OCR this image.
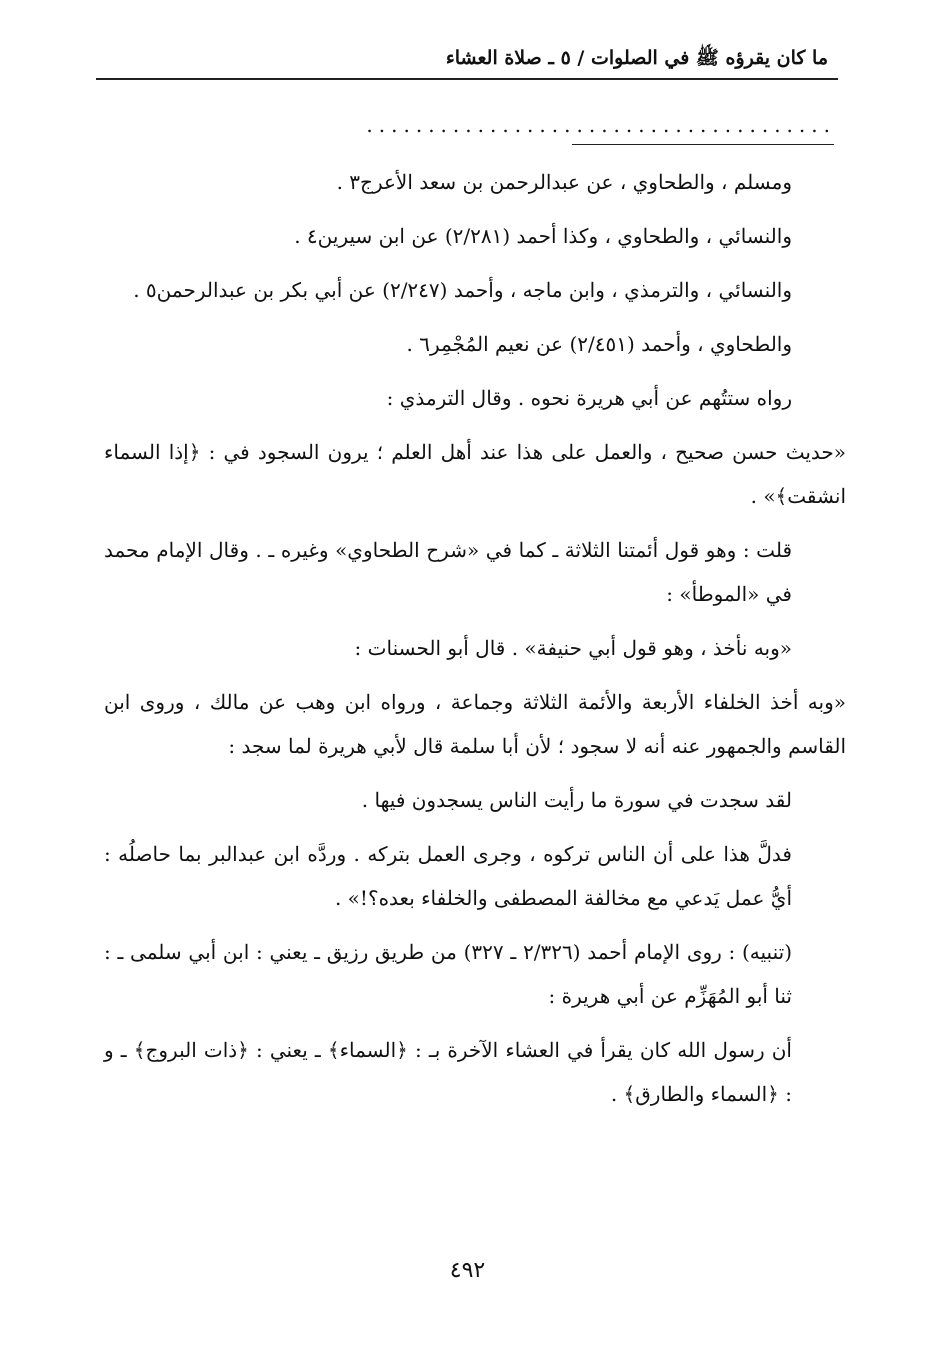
ما كان يقرؤه ﷺ في الصلوات / ٥ ـ صلاة العشاء
......................................

ومسلم ، والطحاوي ، عن عبدالرحمن بن سعد الأعرج٣ .

والنسائي ، والطحاوي ، وكذا أحمد (٢/٢٨١) عن ابن سيرين٤ .

والنسائي ، والترمذي ، وابن ماجه ، وأحمد (٢/٢٤٧) عن أبي بكر بن عبدالرحمن٥ .

والطحاوي ، وأحمد (٢/٤٥١) عن نعيم المُجْمِر٦ .

رواه ستتُهم عن أبي هريرة نحوه . وقال الترمذي :

«حديث حسن صحيح ، والعمل على هذا عند أهل العلم ؛ يرون السجود في : ﴿إذا السماء انشقت﴾» .

قلت : وهو قول أئمتنا الثلاثة ـ كما في «شرح الطحاوي» وغيره ـ . وقال الإمام محمد في «الموطأ» :

«وبه نأخذ ، وهو قول أبي حنيفة» . قال أبو الحسنات :

«وبه أخذ الخلفاء الأربعة والأئمة الثلاثة وجماعة ، ورواه ابن وهب عن مالك ، وروى ابن القاسم والجمهور عنه أنه لا سجود ؛ لأن أبا سلمة قال لأبي هريرة لما سجد :

لقد سجدت في سورة ما رأيت الناس يسجدون فيها .

فدلَّ هذا على أن الناس تركوه ، وجرى العمل بتركه . وردَّه ابن عبدالبر بما حاصلُه : أيُّ عمل يَدعي مع مخالفة المصطفى والخلفاء بعده؟!» .

(تنبيه) : روى الإمام أحمد (٢/٣٢٦ ـ ٣٢٧) من طريق رزيق ـ يعني : ابن أبي سلمى ـ : ثنا أبو المُهَزِّم عن أبي هريرة :

أن رسول الله كان يقرأ في العشاء الآخرة بـ : ﴿السماء﴾ ـ يعني : ﴿ذات البروج﴾ ـ و : ﴿السماء والطارق﴾ .

٤٩٢
